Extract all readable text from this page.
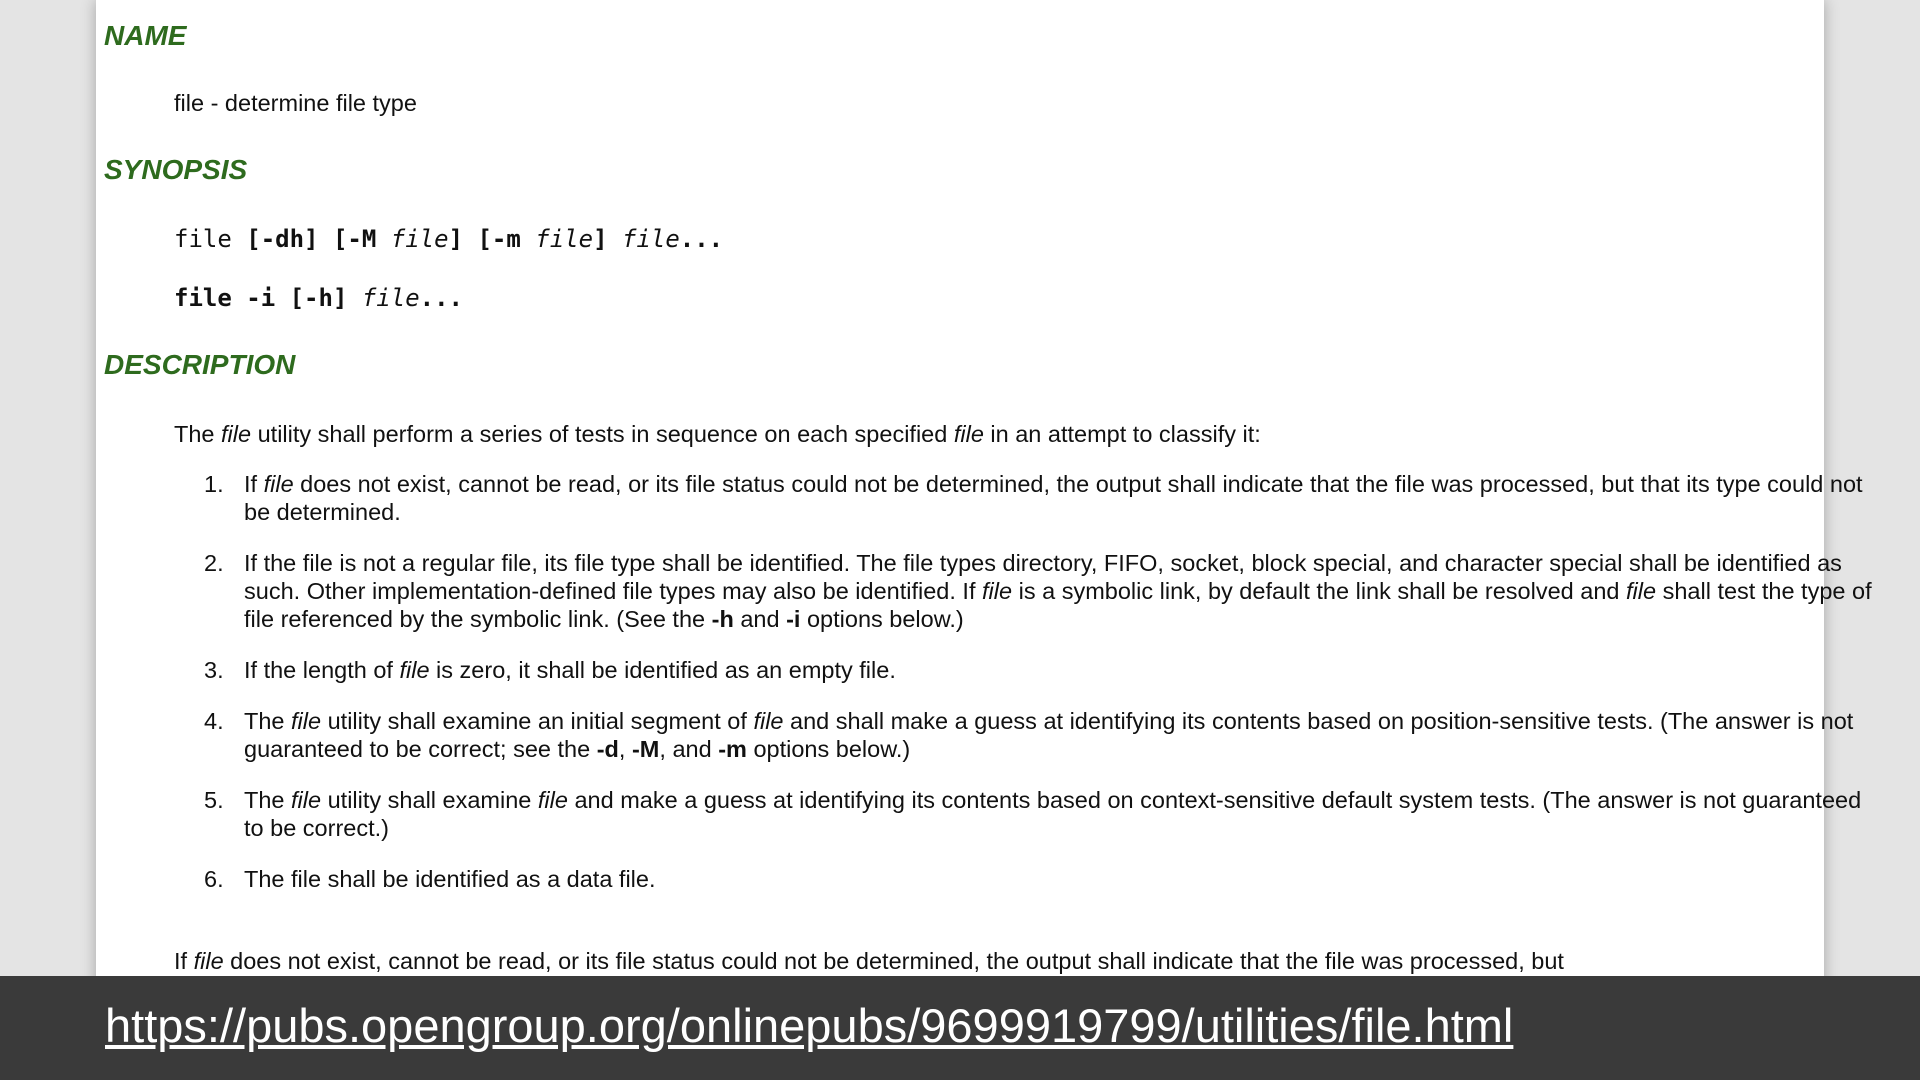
NAME
file - determine file type
SYNOPSIS
file [-dh] [-M file] [-m file] file...
file -i [-h] file...
DESCRIPTION
The file utility shall perform a series of tests in sequence on each specified file in an attempt to classify it:
1. If file does not exist, cannot be read, or its file status could not be determined, the output shall indicate that the file was processed, but that its type could not be determined.
2. If the file is not a regular file, its file type shall be identified. The file types directory, FIFO, socket, block special, and character special shall be identified as such. Other implementation-defined file types may also be identified. If file is a symbolic link, by default the link shall be resolved and file shall test the type of file referenced by the symbolic link. (See the -h and -i options below.)
3. If the length of file is zero, it shall be identified as an empty file.
4. The file utility shall examine an initial segment of file and shall make a guess at identifying its contents based on position-sensitive tests. (The answer is not guaranteed to be correct; see the -d, -M, and -m options below.)
5. The file utility shall examine file and make a guess at identifying its contents based on context-sensitive default system tests. (The answer is not guaranteed to be correct.)
6. The file shall be identified as a data file.
If file does not exist, cannot be read, or its file status could not be determined, the output shall indicate that the file was processed, but
https://pubs.opengroup.org/onlinepubs/9699919799/utilities/file.html
